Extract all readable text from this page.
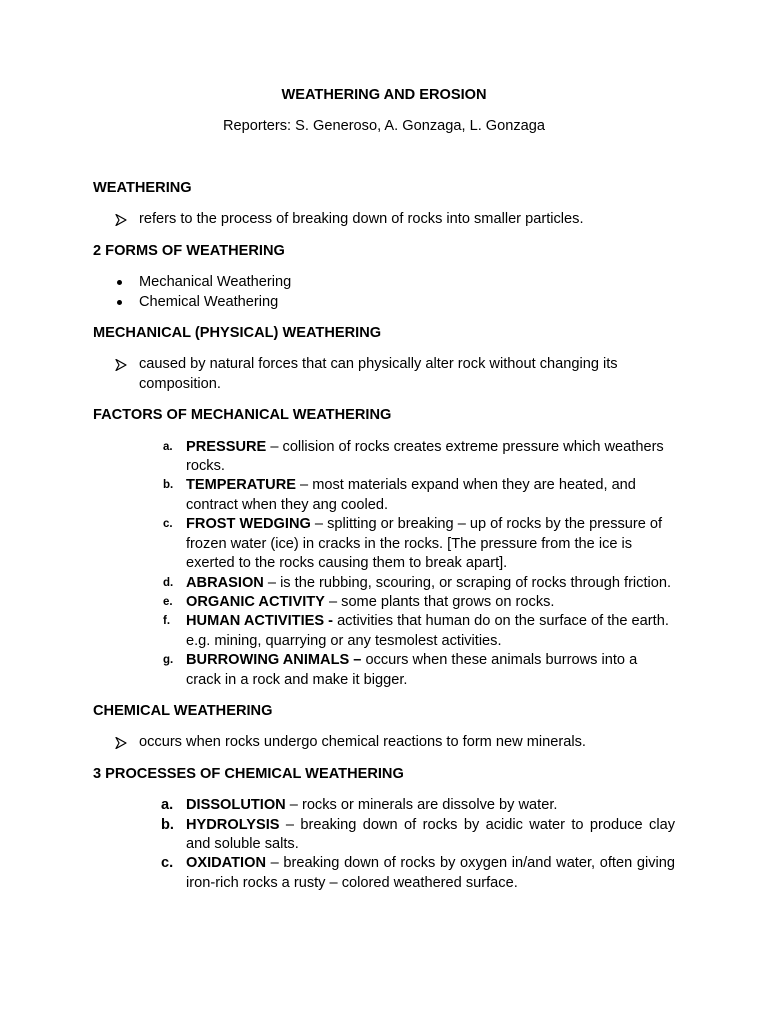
WEATHERING AND EROSION

Reporters: S. Generoso, A. Gonzaga, L. Gonzaga

WEATHERING

refers to the process of breaking down of rocks into smaller particles.

2 FORMS OF WEATHERING

Mechanical Weathering
Chemical Weathering

MECHANICAL (PHYSICAL) WEATHERING

caused by natural forces that can physically alter rock without changing its composition.

FACTORS OF MECHANICAL WEATHERING

a. PRESSURE – collision of rocks creates extreme pressure which weathers rocks.
b. TEMPERATURE – most materials expand when they are heated, and contract when they ang cooled.
c. FROST WEDGING – splitting or breaking – up of rocks by the pressure of frozen water (ice) in cracks in the rocks. [The pressure from the ice is exerted to the rocks causing them to break apart].
d. ABRASION – is the rubbing, scouring, or scraping of rocks through friction.
e. ORGANIC ACTIVITY – some plants that grows on rocks.
f. HUMAN ACTIVITIES - activities that human do on the surface of the earth. e.g. mining, quarrying or any tesmolest activities.
g. BURROWING ANIMALS – occurs when these animals burrows into a crack in a rock and make it bigger.

CHEMICAL WEATHERING

occurs when rocks undergo chemical reactions to form new minerals.

3 PROCESSES OF CHEMICAL WEATHERING

a. DISSOLUTION – rocks or minerals are dissolve by water.
b. HYDROLYSIS – breaking down of rocks by acidic water to produce clay and soluble salts.
c. OXIDATION – breaking down of rocks by oxygen in/and water, often giving iron-rich rocks a rusty – colored weathered surface.
